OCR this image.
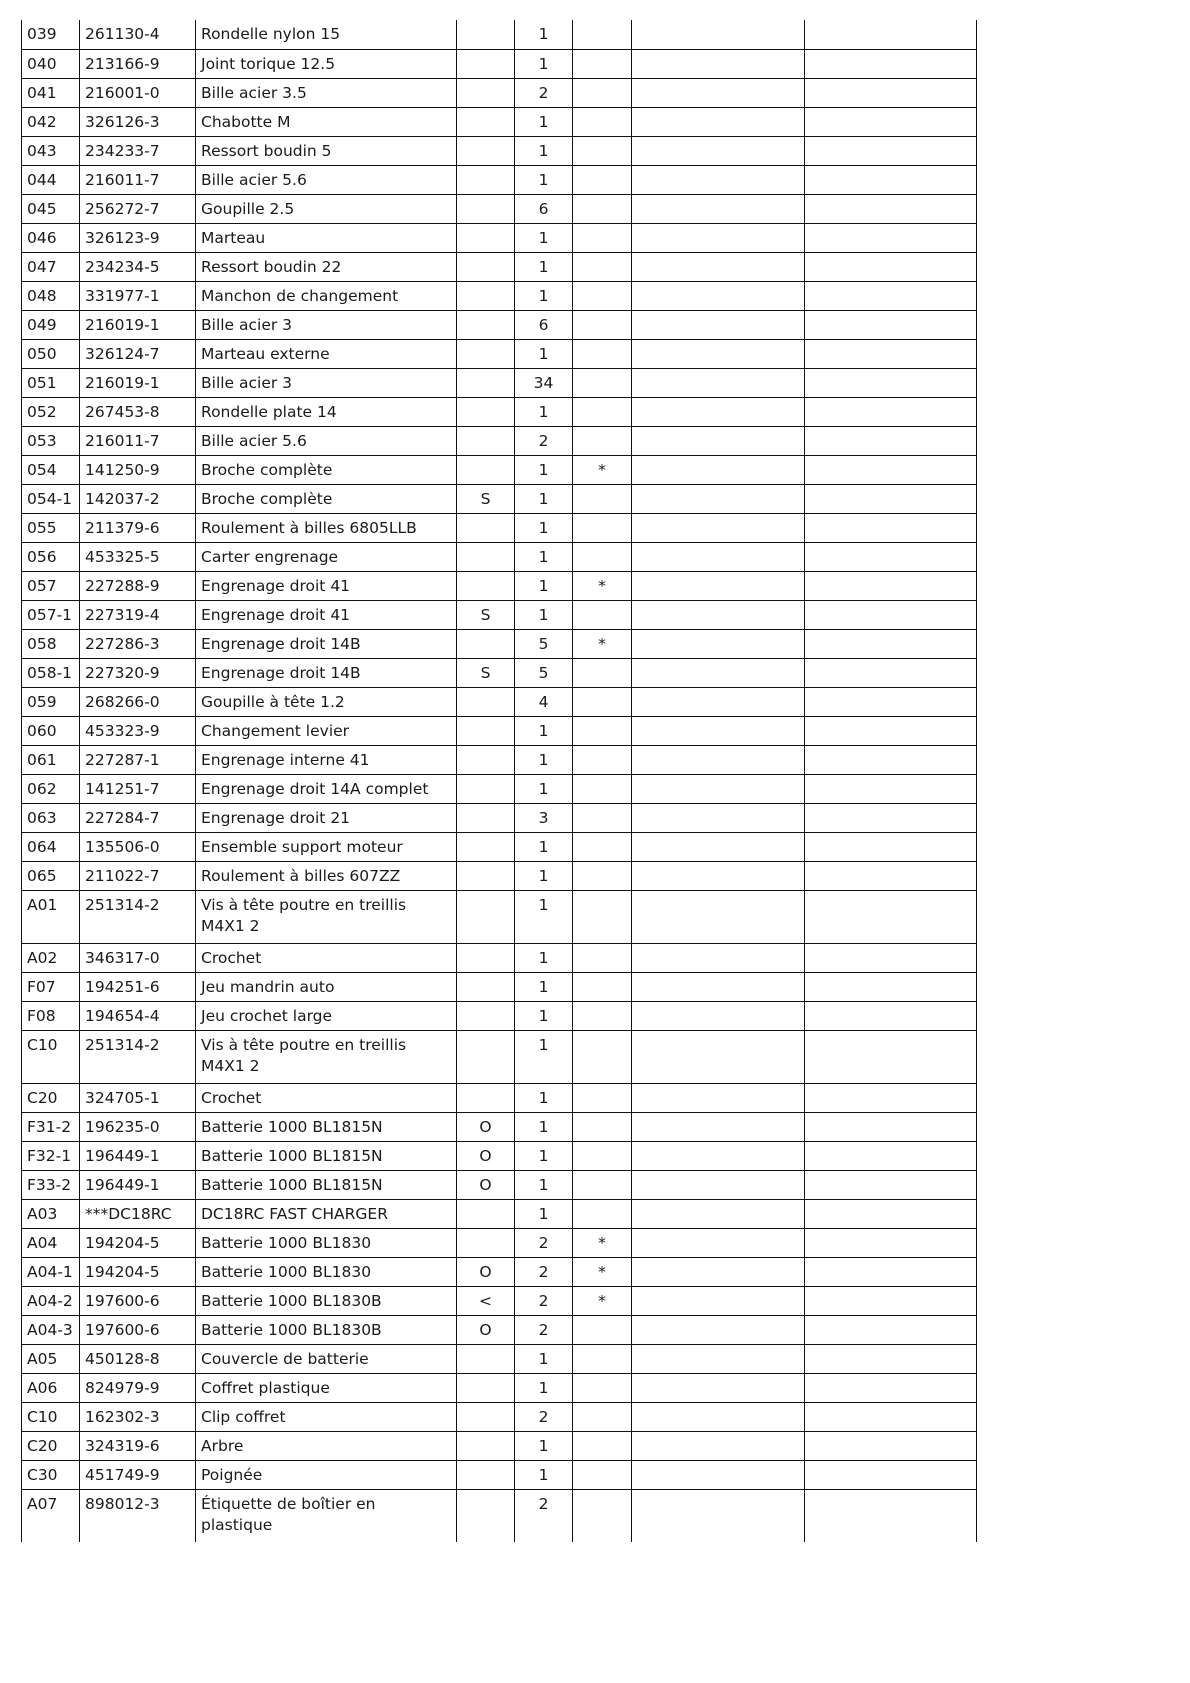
039	261130-4	Rondelle nylon 15		1			
040	213166-9	Joint torique 12.5		1			
041	216001-0	Bille acier 3.5		2			
042	326126-3	Chabotte M		1			
043	234233-7	Ressort boudin 5		1			
044	216011-7	Bille acier 5.6		1			
045	256272-7	Goupille 2.5		6			
046	326123-9	Marteau		1			
047	234234-5	Ressort boudin 22		1			
048	331977-1	Manchon de changement		1			
049	216019-1	Bille acier 3		6			
050	326124-7	Marteau externe		1			
051	216019-1	Bille acier 3		34			
052	267453-8	Rondelle plate 14		1			
053	216011-7	Bille acier 5.6		2			
054	141250-9	Broche complète		1	*		
054-1	142037-2	Broche complète	S	1			
055	211379-6	Roulement à billes 6805LLB		1			
056	453325-5	Carter engrenage		1			
057	227288-9	Engrenage droit 41		1	*		
057-1	227319-4	Engrenage droit 41	S	1			
058	227286-3	Engrenage droit 14B		5	*		
058-1	227320-9	Engrenage droit 14B	S	5			
059	268266-0	Goupille à tête 1.2		4			
060	453323-9	Changement levier		1			
061	227287-1	Engrenage interne 41		1			
062	141251-7	Engrenage droit 14A complet		1			
063	227284-7	Engrenage droit 21		3			
064	135506-0	Ensemble support moteur		1			
065	211022-7	Roulement à billes 607ZZ		1			
A01	251314-2	Vis à tête poutre en treillis M4X1 2		1			
A02	346317-0	Crochet		1			
F07	194251-6	Jeu mandrin auto		1			
F08	194654-4	Jeu crochet large		1			
C10	251314-2	Vis à tête poutre en treillis M4X1 2		1			
C20	324705-1	Crochet		1			
F31-2	196235-0	Batterie 1000 BL1815N	O	1			
F32-1	196449-1	Batterie 1000 BL1815N	O	1			
F33-2	196449-1	Batterie 1000 BL1815N	O	1			
A03	***DC18RC	DC18RC FAST CHARGER		1			
A04	194204-5	Batterie 1000 BL1830		2	*		
A04-1	194204-5	Batterie 1000 BL1830	O	2	*		
A04-2	197600-6	Batterie 1000 BL1830B	<	2	*		
A04-3	197600-6	Batterie 1000 BL1830B	O	2			
A05	450128-8	Couvercle de batterie		1			
A06	824979-9	Coffret plastique		1			
C10	162302-3	Clip coffret		2			
C20	324319-6	Arbre		1			
C30	451749-9	Poignée		1			
A07	898012-3	Étiquette de boîtier en plastique		2			
